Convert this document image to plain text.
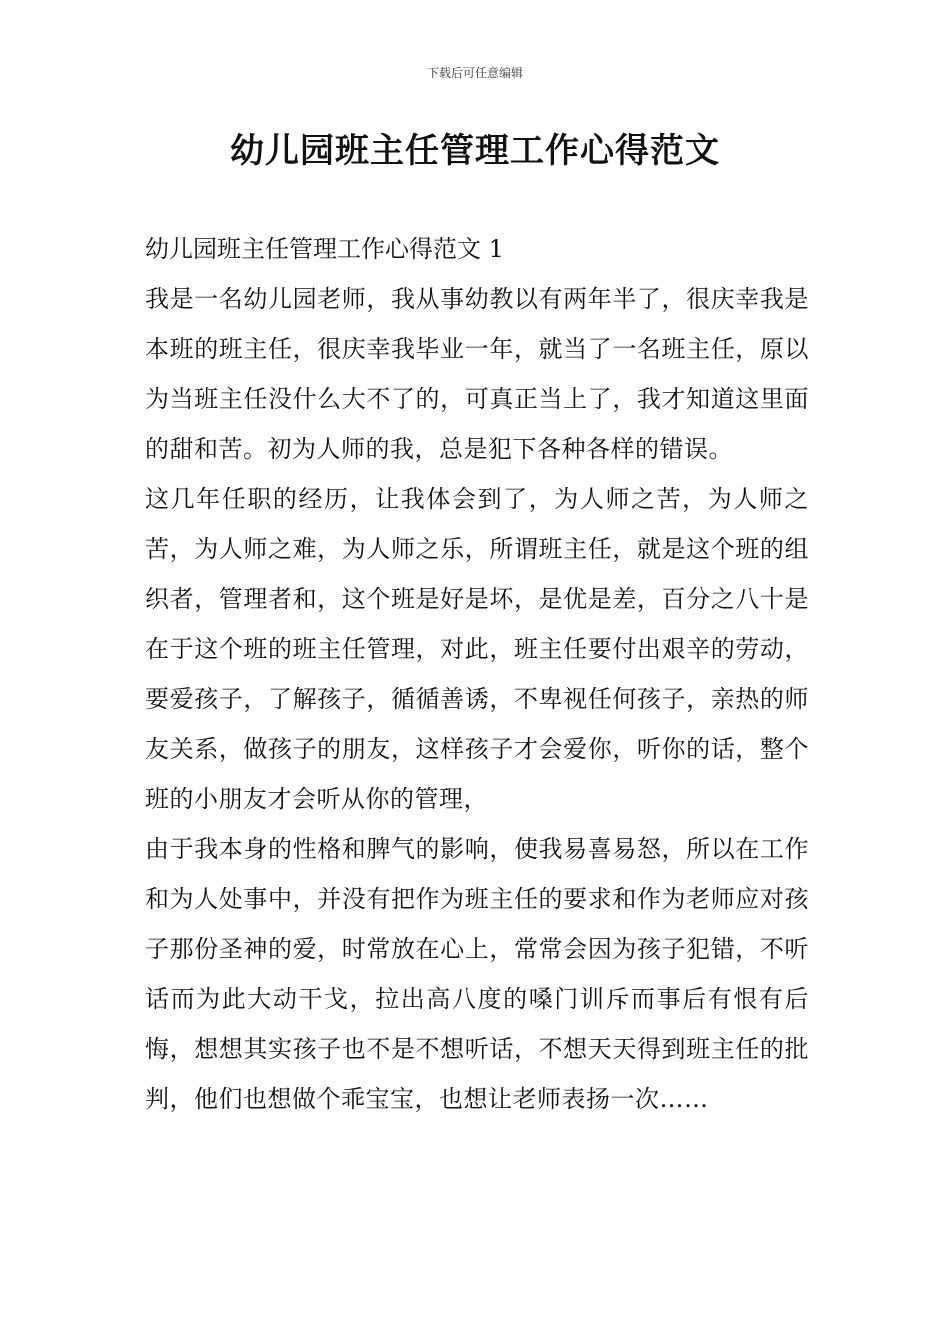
下载后可任意编辑
幼儿园班主任管理工作心得范文

幼儿园班主任管理工作心得范文 1

我是一名幼儿园老师，我从事幼教以有两年半了，很庆幸我是本班的班主任，很庆幸我毕业一年，就当了一名班主任，原以为当班主任没什么大不了的，可真正当上了，我才知道这里面的甜和苦。初为人师的我，总是犯下各种各样的错误。

这几年任职的经历，让我体会到了，为人师之苦，为人师之苦，为人师之难，为人师之乐，所谓班主任，就是这个班的组织者，管理者和，这个班是好是坏，是优是差，百分之八十是在于这个班的班主任管理，对此，班主任要付出艰辛的劳动，要爱孩子，了解孩子，循循善诱，不卑视任何孩子，亲热的师友关系，做孩子的朋友，这样孩子才会爱你，听你的话，整个班的小朋友才会听从你的管理，

由于我本身的性格和脾气的影响，使我易喜易怒，所以在工作和为人处事中，并没有把作为班主任的要求和作为老师应对孩子那份圣神的爱，时常放在心上，常常会因为孩子犯错，不听话而为此大动干戈，拉出高八度的嗓门训斥而事后有恨有后悔，想想其实孩子也不是不想听话，不想天天得到班主任的批判，他们也想做个乖宝宝，也想让老师表扬一次……
